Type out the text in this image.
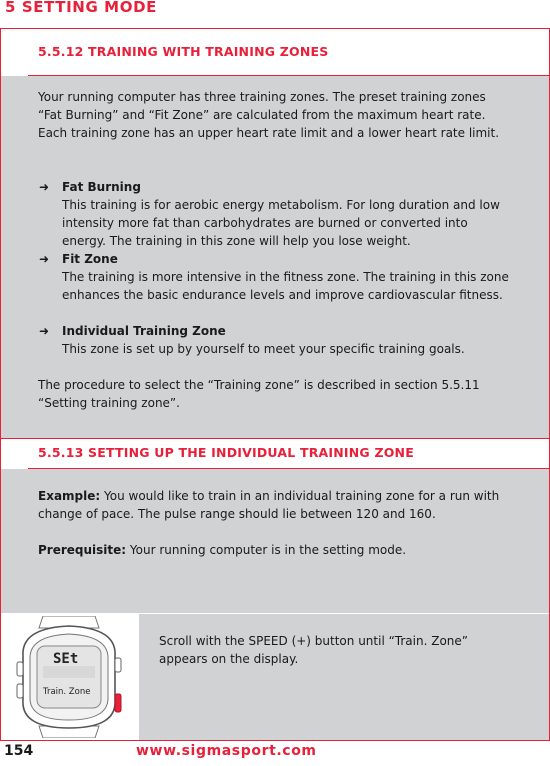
5 SETTING MODE
5.5.12 TRAINING WITH TRAINING ZONES
Your running computer has three training zones. The preset training zones “Fat Burning” and “Fit Zone” are calculated from the maximum heart rate. Each training zone has an upper heart rate limit and a lower heart rate limit.
➜ Fat Burning
This training is for aerobic energy metabolism. For long duration and low intensity more fat than carbohydrates are burned or converted into energy. The training in this zone will help you lose weight.
➜ Fit Zone
The training is more intensive in the fitness zone. The training in this zone enhances the basic endurance levels and improve cardiovascular fitness.
➜ Individual Training Zone
This zone is set up by yourself to meet your specific training goals.
The procedure to select the “Training zone” is described in section 5.5.11 “Setting training zone”.
5.5.13 SETTING UP THE INDIVIDUAL TRAINING ZONE
Example: You would like to train in an individual training zone for a run with change of pace. The pulse range should lie between 120 and 160.
Prerequisite: Your running computer is in the setting mode.
SEt
Train. Zone
Scroll with the SPEED (+) button until “Train. Zone” appears on the display.
154	www.sigmasport.com
